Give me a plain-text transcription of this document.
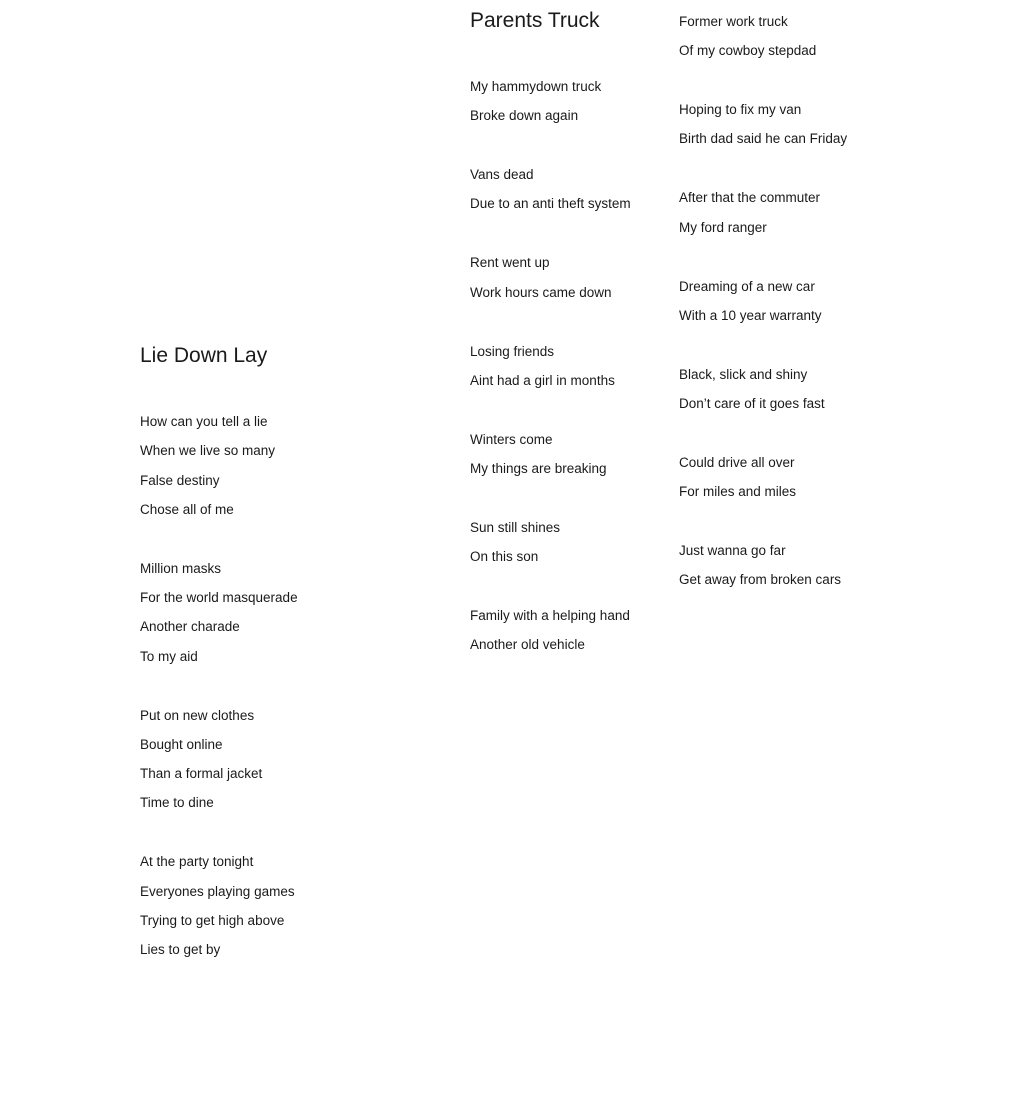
Lie Down Lay
How can you tell a lie
When we live so many
False destiny
Chose all of me
Million masks
For the world masquerade
Another charade
To my aid
Put on new clothes
Bought online
Than a formal jacket
Time to dine
At the party tonight
Everyones playing games
Trying to get high above
Lies to get by
Parents Truck
My hammydown truck
Broke down again
Vans dead
Due to an anti theft system
Rent went up
Work hours came down
Losing friends
Aint had a girl in months
Winters come
My things are breaking
Sun still shines
On this son
Family with a helping hand
Another old vehicle
Former work truck
Of my cowboy stepdad
Hoping to fix my van
Birth dad said he can Friday
After that the commuter
My ford ranger
Dreaming of a new car
With a 10 year warranty
Black, slick and shiny
Don’t care of it goes fast
Could drive all over
For miles and miles
Just wanna go far
Get away from broken cars
